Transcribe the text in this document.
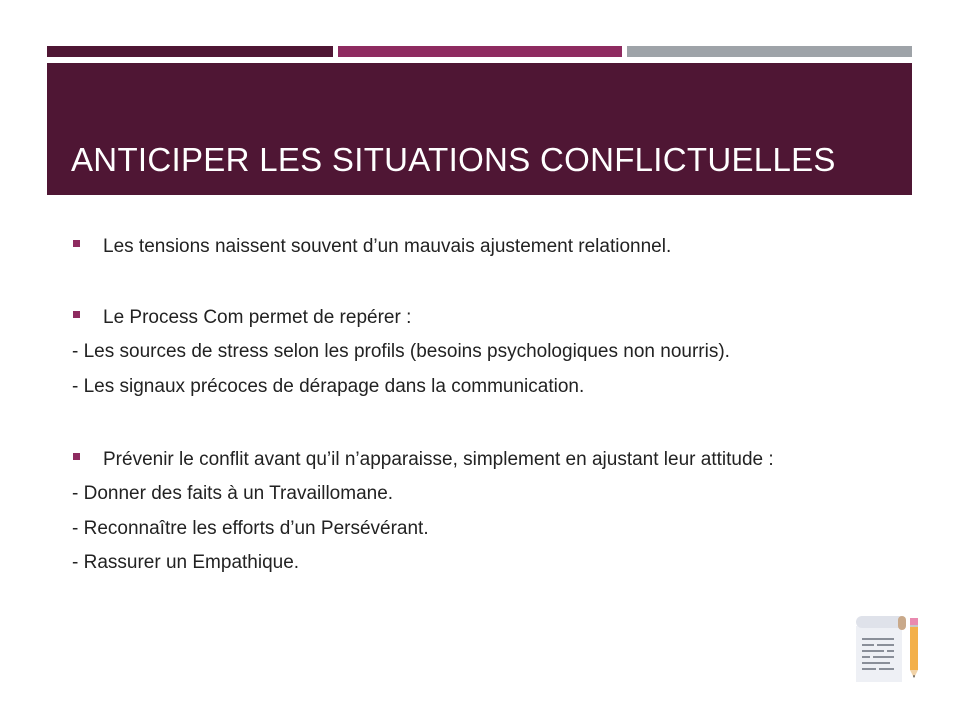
ANTICIPER LES SITUATIONS CONFLICTUELLES
Les tensions naissent souvent d’un mauvais ajustement relationnel.
Le Process Com permet de repérer :
- Les sources de stress selon les profils (besoins psychologiques non nourris).
- Les signaux précoces de dérapage dans la communication.
Prévenir le conflit avant qu’il n’apparaisse, simplement en ajustant leur attitude :
- Donner des faits à un Travaillomane.
- Reconnaître les efforts d’un Persévérant.
- Rassurer un Empathique.
